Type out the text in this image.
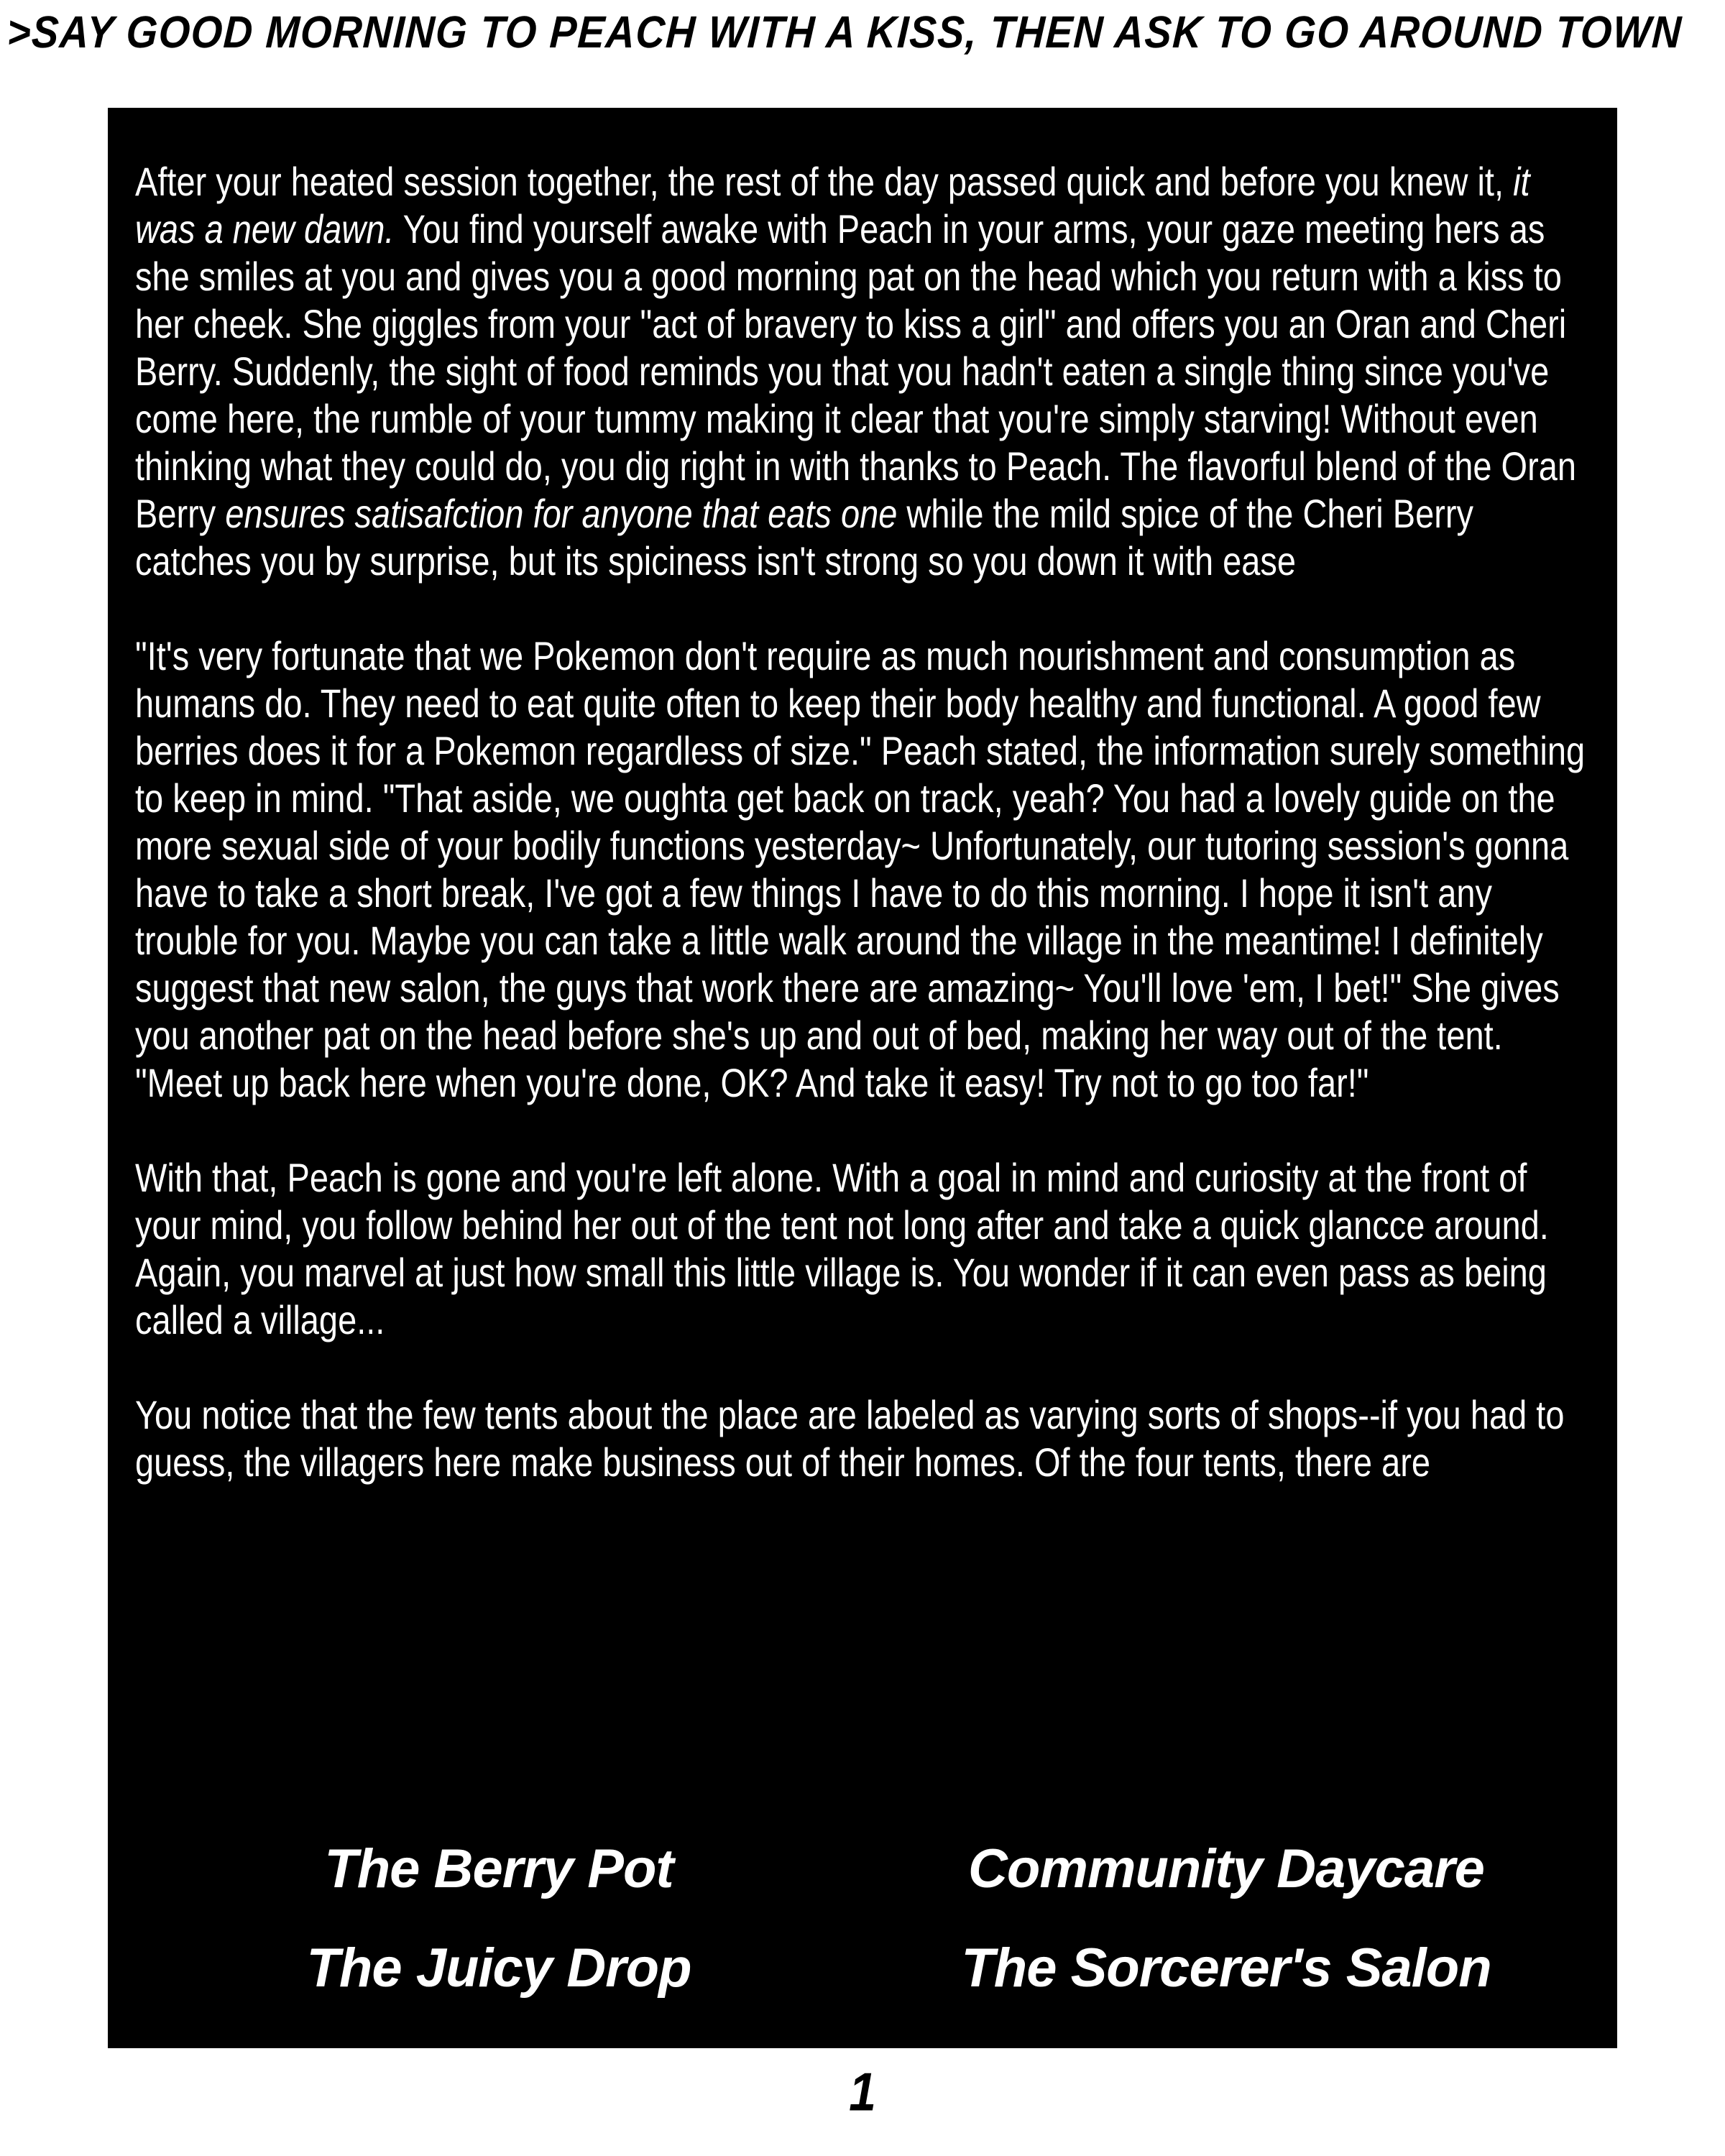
>SAY GOOD MORNING TO PEACH WITH A KISS, THEN ASK TO GO AROUND TOWN

After your heated session together, the rest of the day passed quick and before you knew it, it was a new dawn. You find yourself awake with Peach in your arms, your gaze meeting hers as she smiles at you and gives you a good morning pat on the head which you return with a kiss to her cheek. She giggles from your "act of bravery to kiss a girl" and offers you an Oran and Cheri Berry. Suddenly, the sight of food reminds you that you hadn't eaten a single thing since you've come here, the rumble of your tummy making it clear that you're simply starving! Without even thinking what they could do, you dig right in with thanks to Peach. The flavorful blend of the Oran Berry ensures satisafction for anyone that eats one while the mild spice of the Cheri Berry catches you by surprise, but its spiciness isn't strong so you down it with ease

"It's very fortunate that we Pokemon don't require as much nourishment and consumption as humans do. They need to eat quite often to keep their body healthy and functional. A good few berries does it for a Pokemon regardless of size." Peach stated, the information surely something to keep in mind. "That aside, we oughta get back on track, yeah? You had a lovely guide on the more sexual side of your bodily functions yesterday~ Unfortunately, our tutoring session's gonna have to take a short break, I've got a few things I have to do this morning. I hope it isn't any trouble for you. Maybe you can take a little walk around the village in the meantime! I definitely suggest that new salon, the guys that work there are amazing~ You'll love 'em, I bet!" She gives you another pat on the head before she's up and out of bed, making her way out of the tent. "Meet up back here when you're done, OK? And take it easy! Try not to go too far!"

With that, Peach is gone and you're left alone. With a goal in mind and curiosity at the front of your mind, you follow behind her out of the tent not long after and take a quick glancce around. Again, you marvel at just how small this little village is. You wonder if it can even pass as being called a village...

You notice that the few tents about the place are labeled as varying sorts of shops--if you had to guess, the villagers here make business out of their homes. Of the four tents, there are

The Berry Pot	Community Daycare
The Juicy Drop	The Sorcerer's Salon
1
